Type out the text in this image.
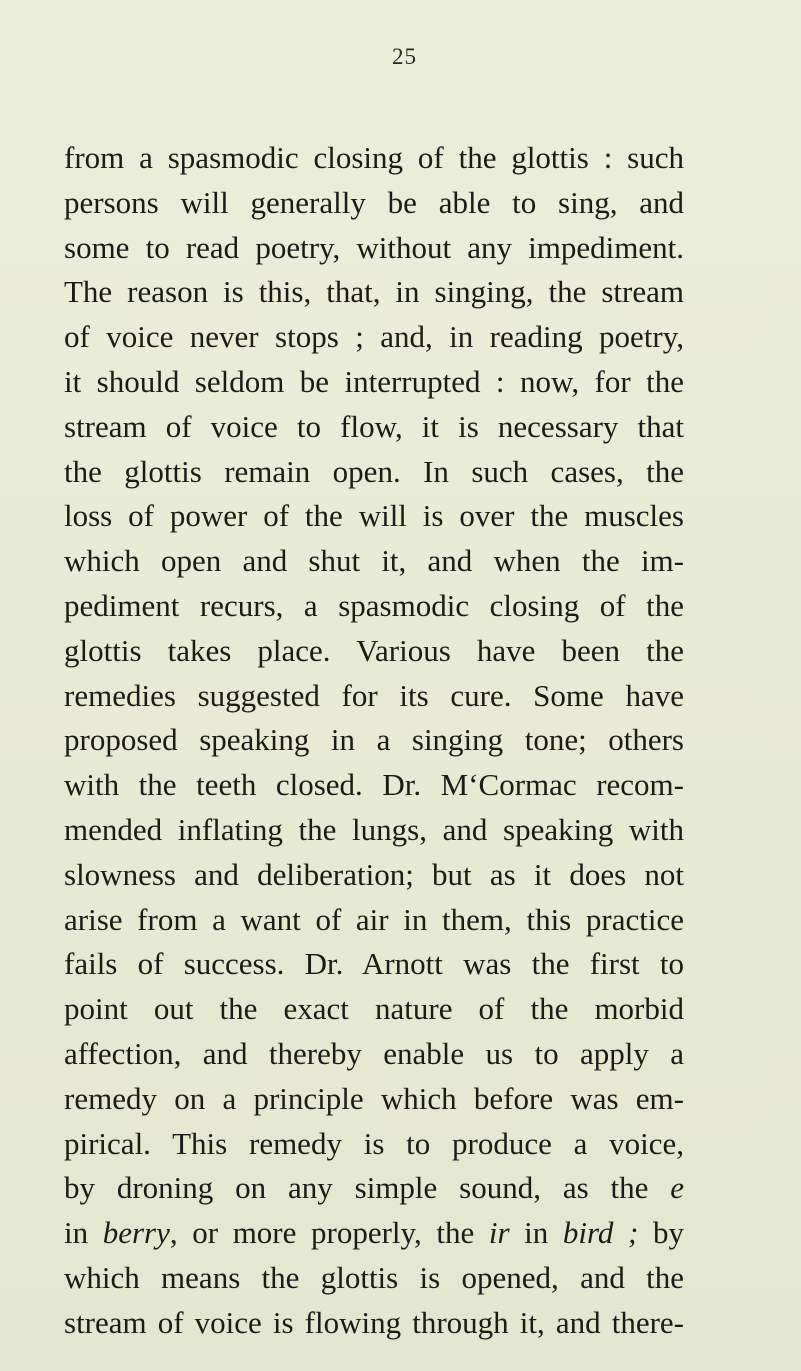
25
from a spasmodic closing of the glottis : such
persons will generally be able to sing, and
some to read poetry, without any impediment.
The reason is this, that, in singing, the stream
of voice never stops ; and, in reading poetry,
it should seldom be interrupted : now, for the
stream of voice to flow, it is necessary that
the glottis remain open. In such cases, the
loss of power of the will is over the muscles
which open and shut it, and when the im-
pediment recurs, a spasmodic closing of the
glottis takes place. Various have been the
remedies suggested for its cure. Some have
proposed speaking in a singing tone; others
with the teeth closed. Dr. M‘Cormac recom-
mended inflating the lungs, and speaking with
slowness and deliberation; but as it does not
arise from a want of air in them, this practice
fails of success. Dr. Arnott was the first to
point out the exact nature of the morbid
affection, and thereby enable us to apply a
remedy on a principle which before was em-
pirical. This remedy is to produce a voice,
by droning on any simple sound, as the e
in berry, or more properly, the ir in bird ; by
which means the glottis is opened, and the
stream of voice is flowing through it, and there-
